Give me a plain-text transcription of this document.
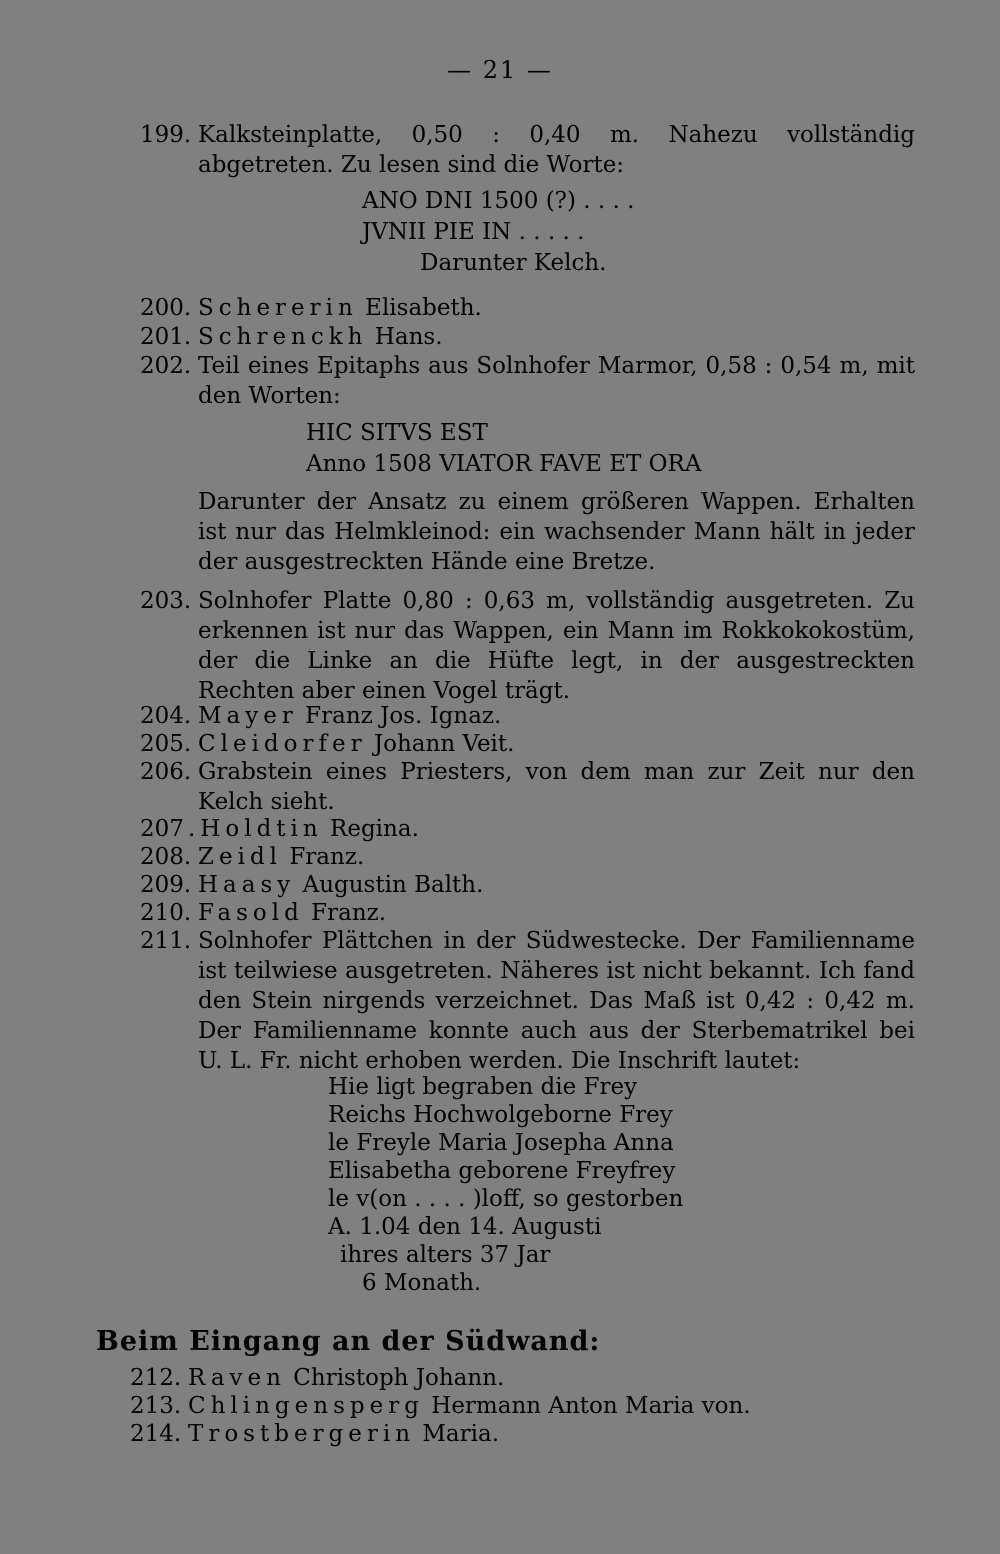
— 21 —
199. Kalksteinplatte, 0,50 : 0,40 m. Nahezu vollständig abgetreten. Zu lesen sind die Worte:
ANO DNI 1500 (?) . . . .
JVNII PIE IN . . . . .
Darunter Kelch.
200. Schererin Elisabeth.
201. Schrenckh Hans.
202. Teil eines Epitaphs aus Solnhofer Marmor, 0,58 : 0,54 m, mit den Worten:
HIC SITVS EST
Anno 1508 VIATOR FAVE ET ORA
Darunter der Ansatz zu einem größeren Wappen. Erhalten ist nur das Helmkleinod: ein wachsender Mann hält in jeder der ausgestreckten Hände eine Bretze.
203. Solnhofer Platte 0,80 : 0,63 m, vollständig ausgetreten. Zu erkennen ist nur das Wappen, ein Mann im Rokkokokostüm, der die Linke an die Hüfte legt, in der ausgestreckten Rechten aber einen Vogel trägt.
204. Mayer Franz Jos. Ignaz.
205. Cleidorfer Johann Veit.
206. Grabstein eines Priesters, von dem man zur Zeit nur den Kelch sieht.
207 .Holdtin Regina.
208. Zeidl Franz.
209. Haasy Augustin Balth.
210. Fasold Franz.
211. Solnhofer Plättchen in der Südwestecke. Der Familienname ist teilwiese ausgetreten. Näheres ist nicht bekannt. Ich fand den Stein nirgends verzeichnet. Das Maß ist 0,42 : 0,42 m. Der Familienname konnte auch aus der Sterbematrikel bei U. L. Fr. nicht erhoben werden. Die Inschrift lautet:
Hie ligt begraben die Frey
Reichs Hochwolgeborne Frey
le Freyle Maria Josepha Anna
Elisabetha geborene Freyfrey
le v(on . . . . )loff, so gestorben
A. 1.04 den 14. Augusti
ihres alters 37 Jar
6 Monath.
Beim Eingang an der Südwand:
212. Raven Christoph Johann.
213. Chlingensperg Hermann Anton Maria von.
214. Trostbergerin Maria.
